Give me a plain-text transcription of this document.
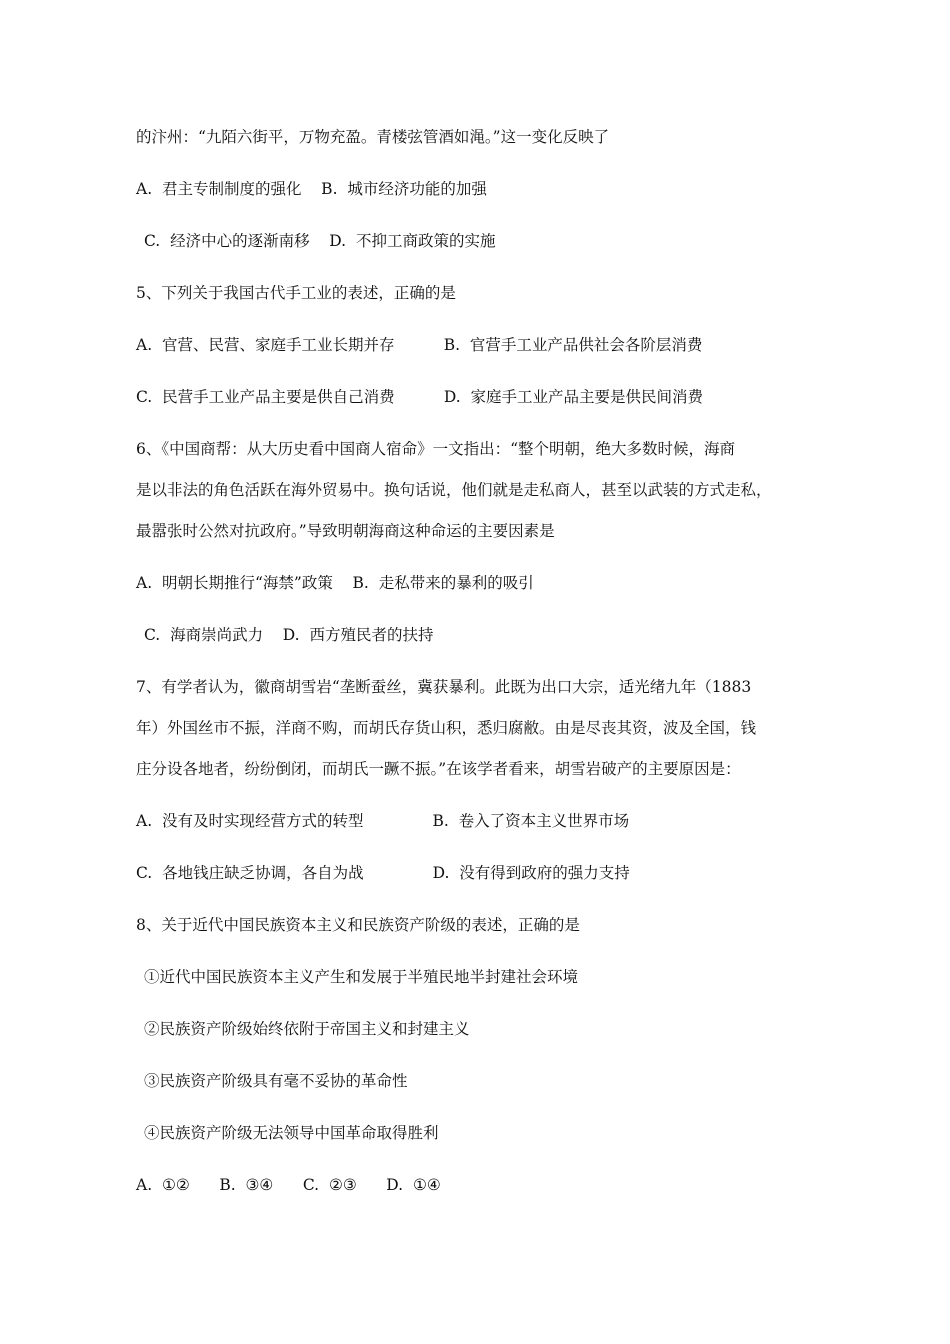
的汴州：“九陌六街平，万物充盈。青楼弦管酒如渑。”这一变化反映了
A.  君主专制制度的强化    B.  城市经济功能的加强
C.  经济中心的逐渐南移    D.  不抑工商政策的实施
5、下列关于我国古代手工业的表述，正确的是
A.  官营、民营、家庭手工业长期并存          B.  官营手工业产品供社会各阶层消费
C.  民营手工业产品主要是供自己消费          D.  家庭手工业产品主要是供民间消费
6、《中国商帮：从大历史看中国商人宿命》一文指出：“整个明朝，绝大多数时候，海商
是以非法的角色活跃在海外贸易中。换句话说，他们就是走私商人，甚至以武装的方式走私，
最嚣张时公然对抗政府。”导致明朝海商这种命运的主要因素是
A.  明朝长期推行“海禁”政策    B.  走私带来的暴利的吸引
C.  海商崇尚武力    D.  西方殖民者的扶持
7、有学者认为，徽商胡雪岩“垄断蚕丝，冀获暴利。此既为出口大宗，适光绪九年（1883
年）外国丝市不振，洋商不购，而胡氏存货山积，悉归腐敝。由是尽丧其资，波及全国，钱
庄分设各地者，纷纷倒闭，而胡氏一蹶不振。”在该学者看来，胡雪岩破产的主要原因是：
A.  没有及时实现经营方式的转型              B.  卷入了资本主义世界市场
C.  各地钱庄缺乏协调，各自为战              D.  没有得到政府的强力支持
8、关于近代中国民族资本主义和民族资产阶级的表述，正确的是
①近代中国民族资本主义产生和发展于半殖民地半封建社会环境
②民族资产阶级始终依附于帝国主义和封建主义
③民族资产阶级具有毫不妥协的革命性
④民族资产阶级无法领导中国革命取得胜利
A.  ①②      B.  ③④      C.  ②③      D.  ①④
